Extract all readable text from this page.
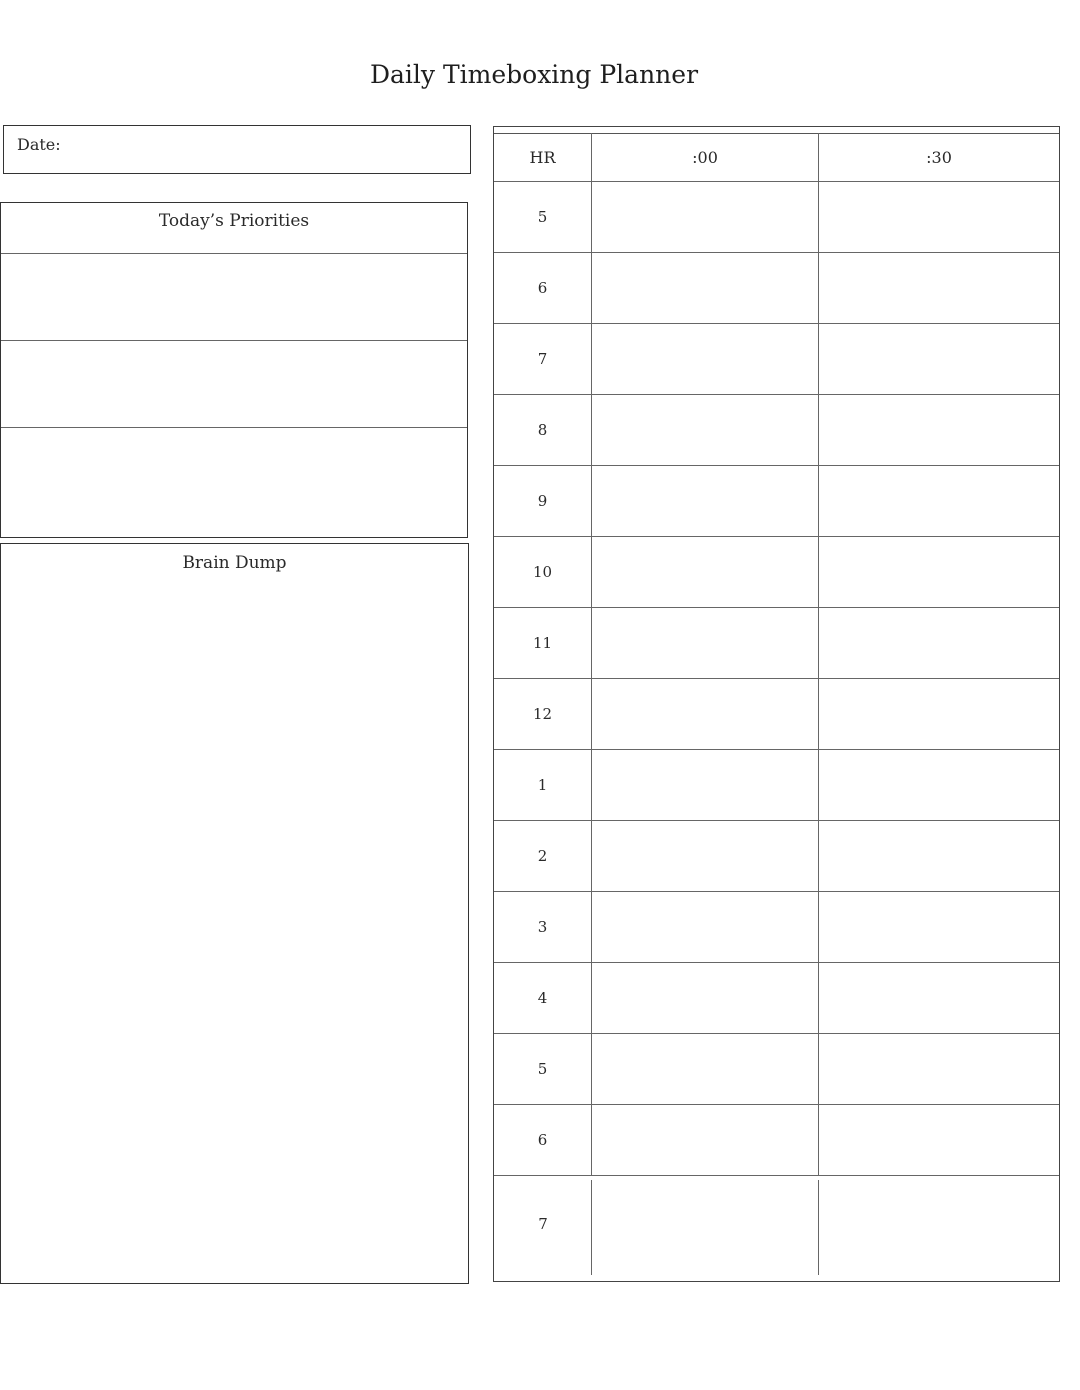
Daily Timeboxing Planner
Date:
Today’s Priorities
Brain Dump
HR	:00	:30
5
6
7
8
9
10
11
12
1
2
3
4
5
6
7
